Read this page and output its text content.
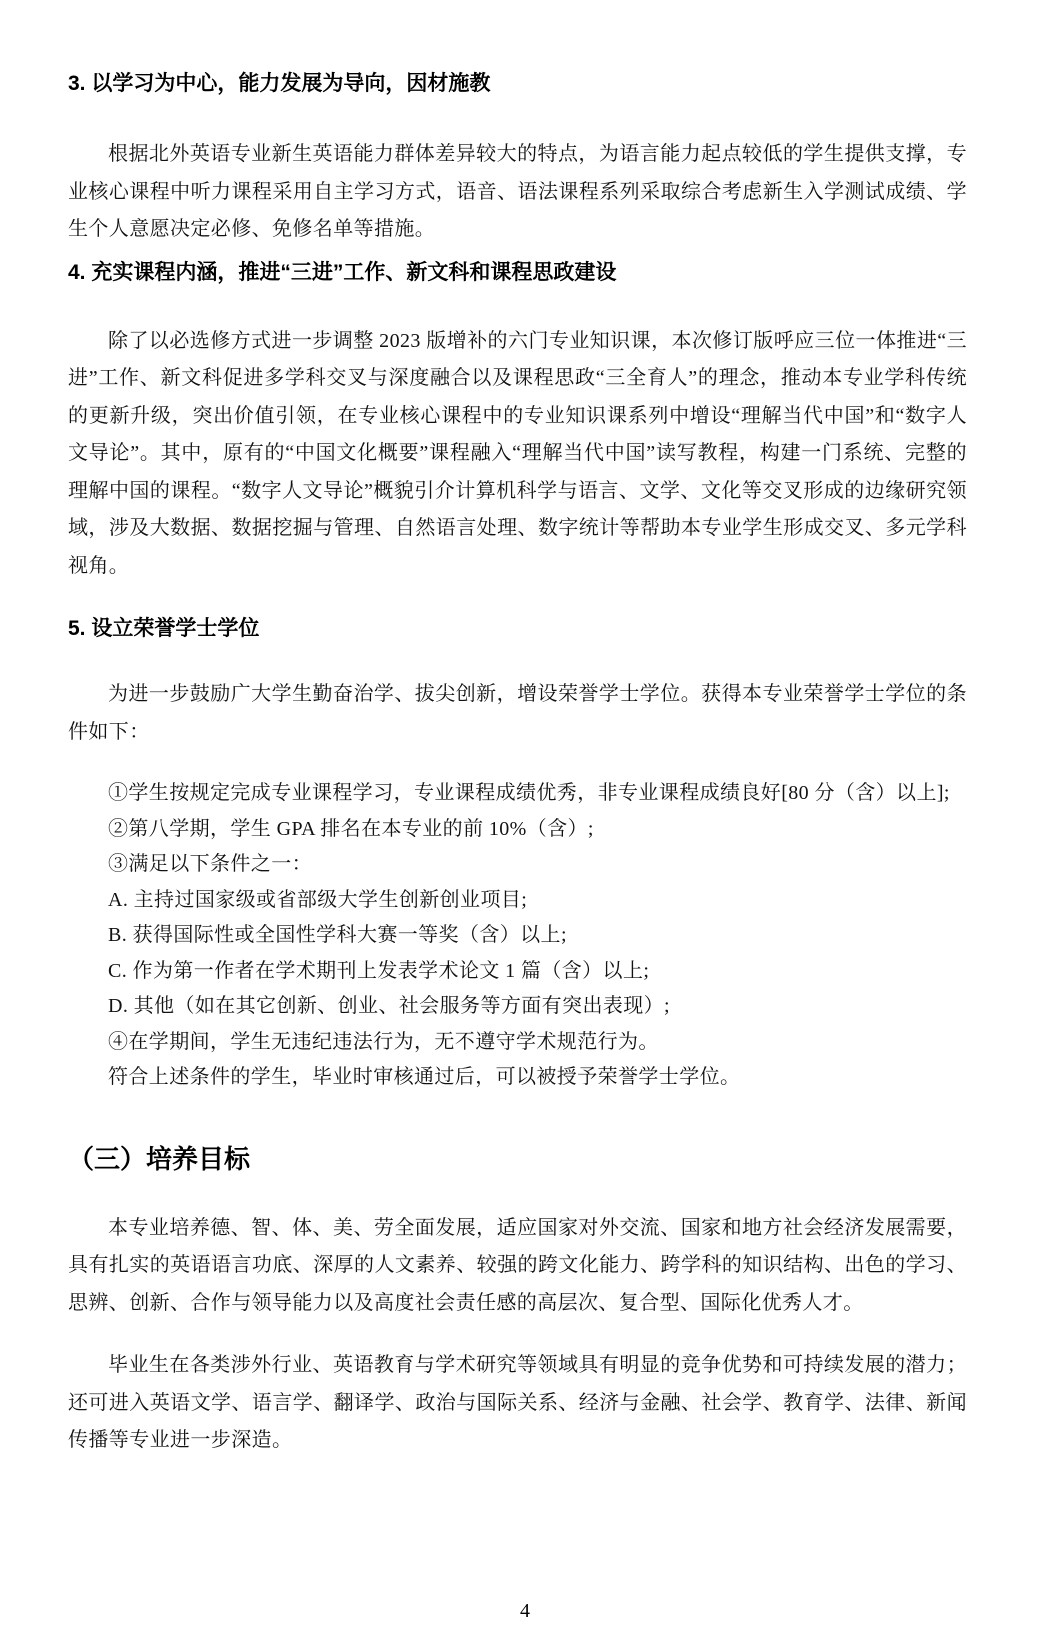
3. 以学习为中心，能力发展为导向，因材施教

根据北外英语专业新生英语能力群体差异较大的特点，为语言能力起点较低的学生提供支撑，专业核心课程中听力课程采用自主学习方式，语音、语法课程系列采取综合考虑新生入学测试成绩、学生个人意愿决定必修、免修名单等措施。

4. 充实课程内涵，推进“三进”工作、新文科和课程思政建设

除了以必选修方式进一步调整 2023 版增补的六门专业知识课，本次修订版呼应三位一体推进“三进”工作、新文科促进多学科交叉与深度融合以及课程思政“三全育人”的理念，推动本专业学科传统的更新升级，突出价值引领，在专业核心课程中的专业知识课系列中增设“理解当代中国”和“数字人文导论”。其中，原有的“中国文化概要”课程融入“理解当代中国”读写教程，构建一门系统、完整的理解中国的课程。“数字人文导论”概貌引介计算机科学与语言、文学、文化等交叉形成的边缘研究领域，涉及大数据、数据挖掘与管理、自然语言处理、数字统计等帮助本专业学生形成交叉、多元学科视角。

5. 设立荣誉学士学位

为进一步鼓励广大学生勤奋治学、拔尖创新，增设荣誉学士学位。获得本专业荣誉学士学位的条件如下：

①学生按规定完成专业课程学习，专业课程成绩优秀，非专业课程成绩良好[80 分（含）以上];

②第八学期，学生 GPA 排名在本专业的前 10%（含）;

③满足以下条件之一：

A. 主持过国家级或省部级大学生创新创业项目;

B. 获得国际性或全国性学科大赛一等奖（含）以上;

C. 作为第一作者在学术期刊上发表学术论文 1 篇（含）以上;

D. 其他（如在其它创新、创业、社会服务等方面有突出表现）;

④在学期间，学生无违纪违法行为，无不遵守学术规范行为。

符合上述条件的学生，毕业时审核通过后，可以被授予荣誉学士学位。

（三）培养目标

本专业培养德、智、体、美、劳全面发展，适应国家对外交流、国家和地方社会经济发展需要，具有扎实的英语语言功底、深厚的人文素养、较强的跨文化能力、跨学科的知识结构、出色的学习、思辨、创新、合作与领导能力以及高度社会责任感的高层次、复合型、国际化优秀人才。

毕业生在各类涉外行业、英语教育与学术研究等领域具有明显的竞争优势和可持续发展的潜力；还可进入英语文学、语言学、翻译学、政治与国际关系、经济与金融、社会学、教育学、法律、新闻传播等专业进一步深造。

4
